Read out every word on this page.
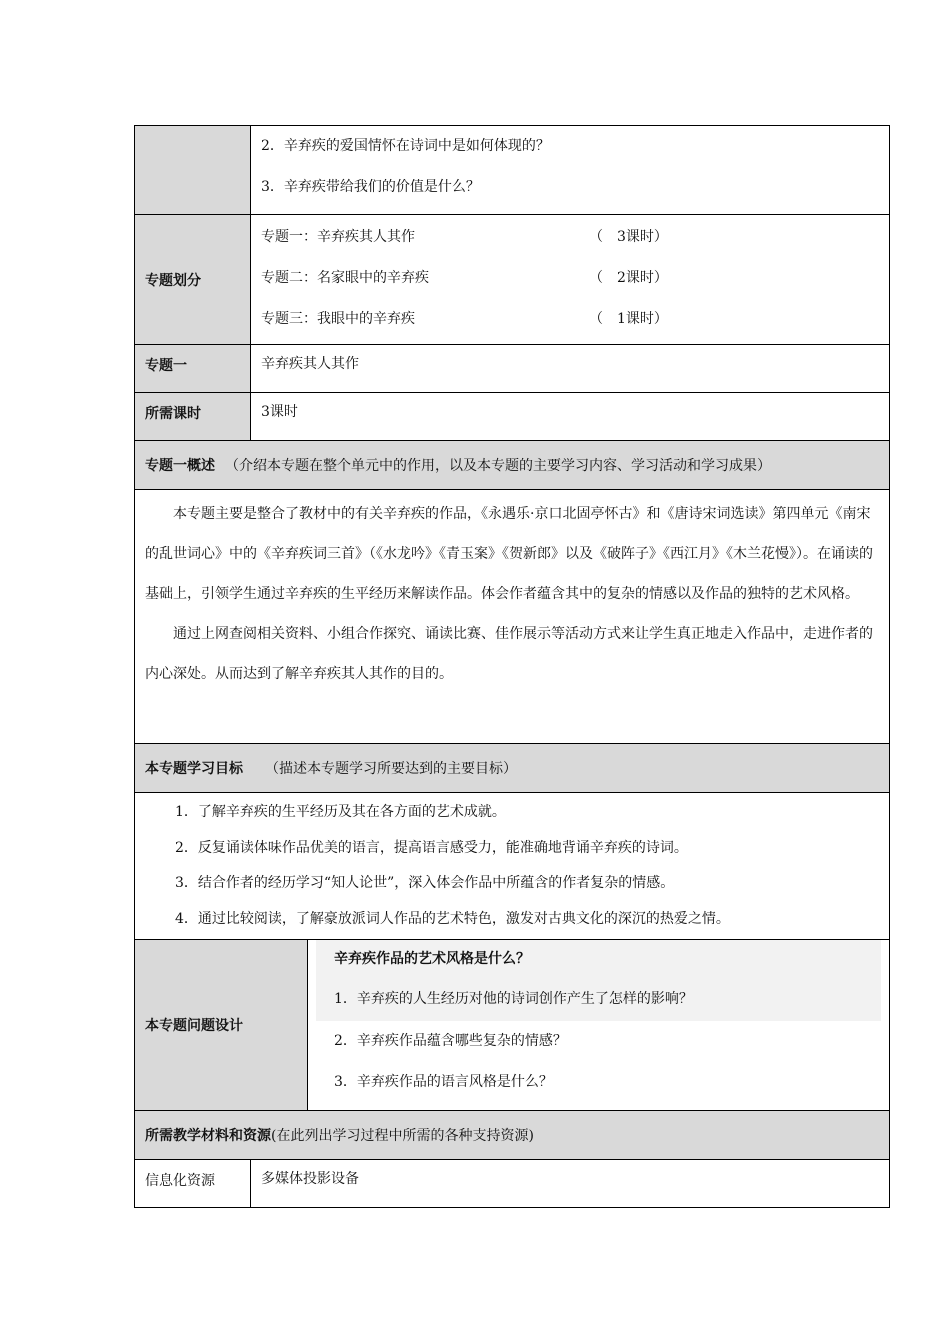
2．辛弃疾的爱国情怀在诗词中是如何体现的？
3．辛弃疾带给我们的价值是什么？
专题划分
专题一：辛弃疾其人其作	（　3课时）
专题二：名家眼中的辛弃疾	（　2课时）
专题三：我眼中的辛弃疾	（　1课时）
专题一	辛弃疾其人其作
所需课时	3课时
专题一概述 （介绍本专题在整个单元中的作用，以及本专题的主要学习内容、学习活动和学习成果）

本专题主要是整合了教材中的有关辛弃疾的作品，《永遇乐·京口北固亭怀古》和《唐诗宋词选读》第四单元《南宋的乱世词心》中的《辛弃疾词三首》（《水龙吟》《青玉案》《贺新郎》以及《破阵子》《西江月》《木兰花慢》）。在诵读的基础上，引领学生通过辛弃疾的生平经历来解读作品。体会作者蕴含其中的复杂的情感以及作品的独特的艺术风格。

通过上网查阅相关资料、小组合作探究、诵读比赛、佳作展示等活动方式来让学生真正地走入作品中，走进作者的内心深处。从而达到了解辛弃疾其人其作的目的。

本专题学习目标 （描述本专题学习所要达到的主要目标）
1．了解辛弃疾的生平经历及其在各方面的艺术成就。
2．反复诵读体味作品优美的语言，提高语言感受力，能准确地背诵辛弃疾的诗词。
3．结合作者的经历学习“知人论世”，深入体会作品中所蕴含的作者复杂的情感。
4．通过比较阅读，了解豪放派词人作品的艺术特色，激发对古典文化的深沉的热爱之情。
本专题问题设计
辛弃疾作品的艺术风格是什么？
1．辛弃疾的人生经历对他的诗词创作产生了怎样的影响？
2．辛弃疾作品蕴含哪些复杂的情感？
3．辛弃疾作品的语言风格是什么？
所需教学材料和资源 (在此列出学习过程中所需的各种支持资源)
信息化资源	多媒体投影设备
